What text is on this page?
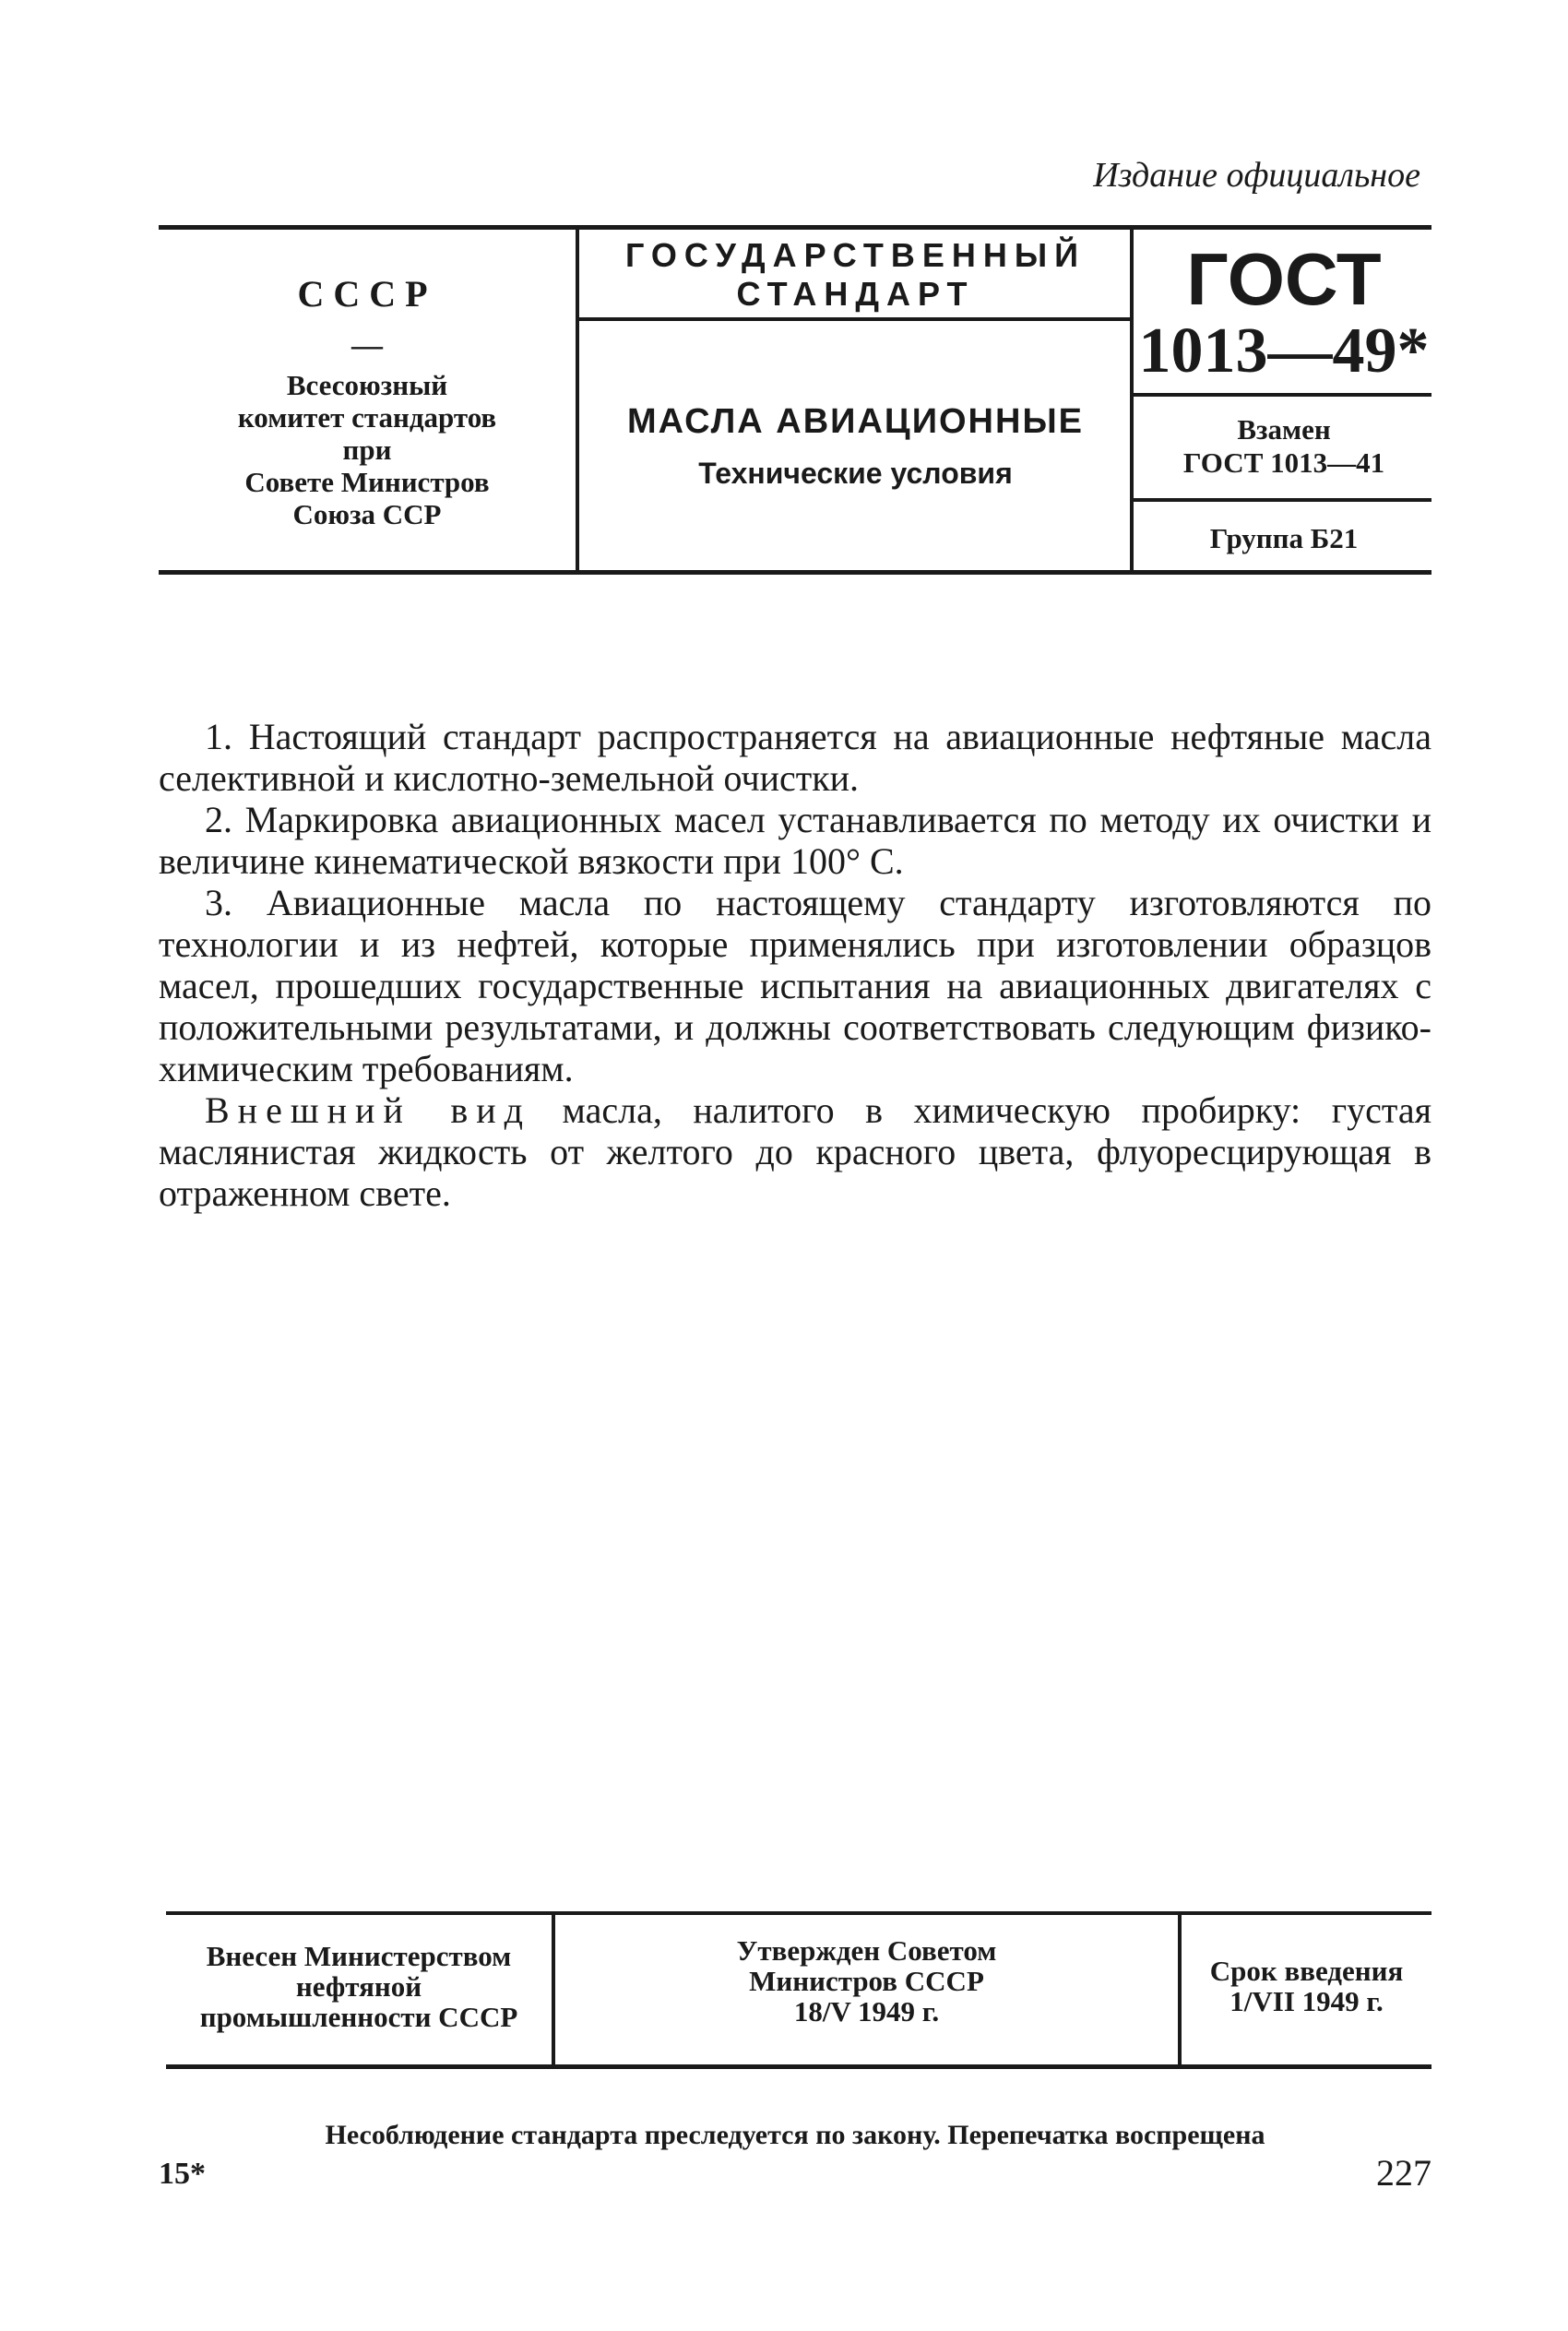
Издание официальное
СССР
—
Всесоюзный
комитет стандартов
при
Совете Министров
Союза ССР
ГОСУДАРСТВЕННЫЙ
СТАНДАРТ
МАСЛА АВИАЦИОННЫЕ
Технические условия
ГОСТ
1013—49*
Взамен
ГОСТ 1013—41
Группа Б21

1. Настоящий стандарт распространяется на авиационные нефтяные масла селективной и кислотно-земельной очистки.

2. Маркировка авиационных масел устанавливается по методу их очистки и величине кинематической вязкости при 100° С.

3. Авиационные масла по настоящему стандарту изготовляются по технологии и из нефтей, которые применялись при изготовлении образцов масел, прошедших государственные испытания на авиационных двигателях с положительными результатами, и должны соответствовать следующим физико-химическим требованиям.

Внешний вид масла, налитого в химическую пробирку: густая маслянистая жидкость от желтого до красного цвета, флуоресцирующая в отраженном свете.

Внесен Министерством
нефтяной
промышленности СССР
Утвержден Советом
Министров СССР
18/V 1949 г.
Срок введения
1/VII 1949 г.
Несоблюдение стандарта преследуется по закону. Перепечатка воспрещена
15*	227
